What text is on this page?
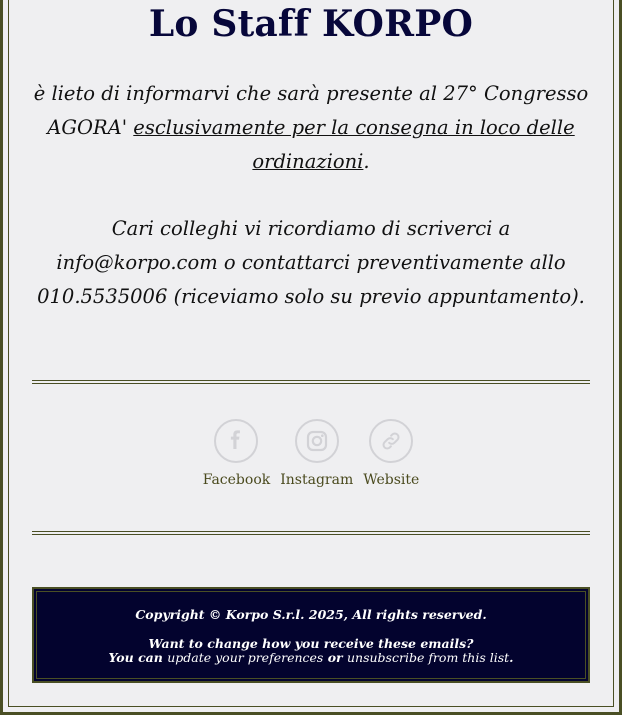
Lo Staff KORPO
è lieto di informarvi che sarà presente al 27° Congresso AGORA' esclusivamente per la consegna in loco delle ordinazioni.
Cari colleghi vi ricordiamo di scriverci a info@korpo.com o contattarci preventivamente allo 010.5535006 (riceviamo solo su previo appuntamento).
Facebook Instagram Website
Copyright © Korpo S.r.l. 2025, All rights reserved.
Want to change how you receive these emails?
You can update your preferences or unsubscribe from this list.
